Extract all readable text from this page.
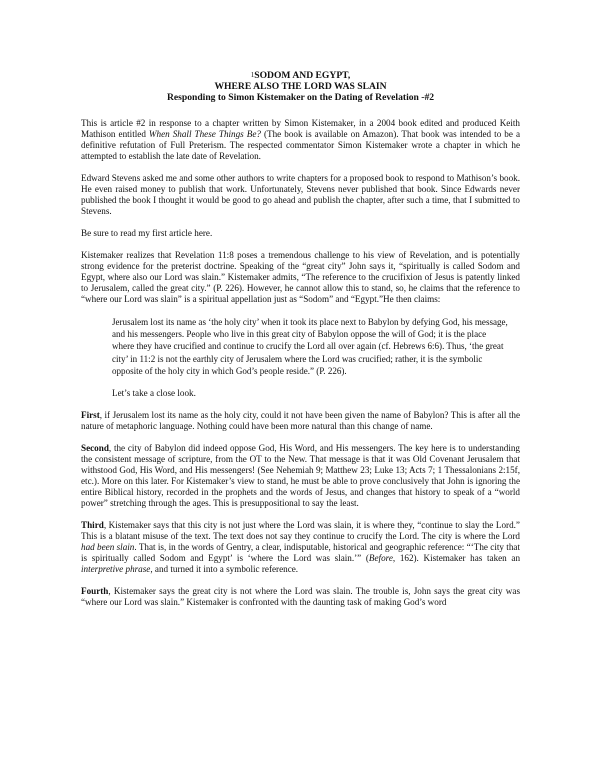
1SODOM AND EGYPT,
WHERE ALSO THE LORD WAS SLAIN
Responding to Simon Kistemaker on the Dating of Revelation -#2

This is article #2 in response to a chapter written by Simon Kistemaker, in a 2004 book edited and produced Keith Mathison entitled When Shall These Things Be? (The book is available on Amazon). That book was intended to be a definitive refutation of Full Preterism. The respected commentator Simon Kistemaker wrote a chapter in which he attempted to establish the late date of Revelation.

Edward Stevens asked me and some other authors to write chapters for a proposed book to respond to Mathison’s book. He even raised money to publish that work. Unfortunately, Stevens never published that book. Since Edwards never published the book I thought it would be good to go ahead and publish the chapter, after such a time, that I submitted to Stevens.

Be sure to read my first article here.

Kistemaker realizes that Revelation 11:8 poses a tremendous challenge to his view of Revelation, and is potentially strong evidence for the preterist doctrine. Speaking of the “great city” John says it, “spiritually is called Sodom and Egypt, where also our Lord was slain.” Kistemaker admits, “The reference to the crucifixion of Jesus is patently linked to Jerusalem, called the great city.” (P. 226). However, he cannot allow this to stand, so, he claims that the reference to “where our Lord was slain” is a spiritual appellation just as “Sodom” and “Egypt.”He then claims:

Jerusalem lost its name as ‘the holy city’ when it took its place next to Babylon by defying God, his message, and his messengers. People who live in this great city of Babylon oppose the will of God; it is the place where they have crucified and continue to crucify the Lord all over again (cf. Hebrews 6:6). Thus, ‘the great city’ in 11:2 is not the earthly city of Jerusalem where the Lord was crucified; rather, it is the symbolic opposite of the holy city in which God’s people reside.” (P. 226).
Let’s take a close look.

First, if Jerusalem lost its name as the holy city, could it not have been given the name of Babylon? This is after all the nature of metaphoric language. Nothing could have been more natural than this change of name.

Second, the city of Babylon did indeed oppose God, His Word, and His messengers. The key here is to understanding the consistent message of scripture, from the OT to the New. That message is that it was Old Covenant Jerusalem that withstood God, His Word, and His messengers! (See Nehemiah 9; Matthew 23; Luke 13; Acts 7; 1 Thessalonians 2:15f, etc.). More on this later. For Kistemaker’s view to stand, he must be able to prove conclusively that John is ignoring the entire Biblical history, recorded in the prophets and the words of Jesus, and changes that history to speak of a “world power” stretching through the ages. This is presuppositional to say the least.

Third, Kistemaker says that this city is not just where the Lord was slain, it is where they, “continue to slay the Lord.” This is a blatant misuse of the text. The text does not say they continue to crucify the Lord. The city is where the Lord had been slain. That is, in the words of Gentry, a clear, indisputable, historical and geographic reference: “‘The city that is spiritually called Sodom and Egypt’ is ‘where the Lord was slain.’” (Before, 162). Kistemaker has taken an interpretive phrase, and turned it into a symbolic reference.

Fourth, Kistemaker says the great city is not where the Lord was slain. The trouble is, John says the great city was “where our Lord was slain.” Kistemaker is confronted with the daunting task of making God’s word
